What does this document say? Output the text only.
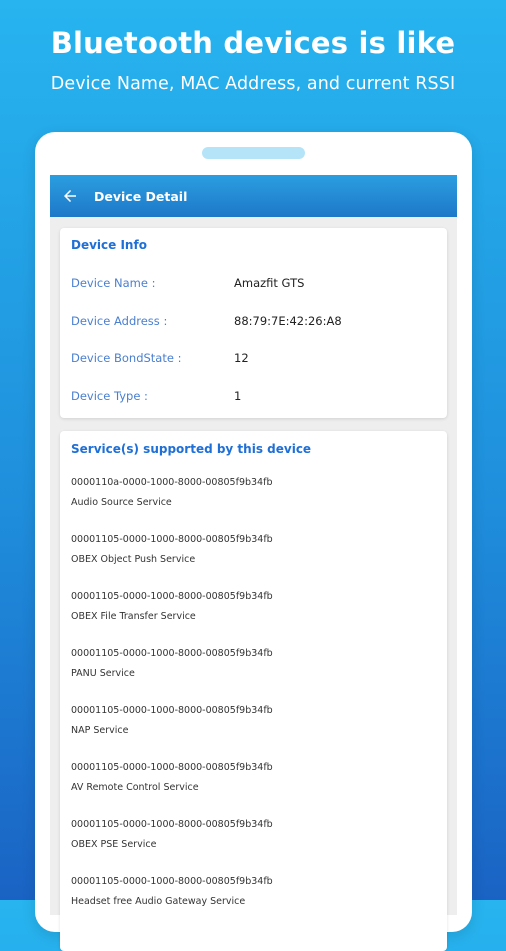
Bluetooth devices is like
Device Name, MAC Address, and current RSSI
Device Detail
Device Info
Device Name :	Amazfit GTS
Device Address :	88:79:7E:42:26:A8
Device BondState :	12
Device Type :	1
Service(s) supported by this device
0000110a-0000-1000-8000-00805f9b34fb
Audio Source Service
00001105-0000-1000-8000-00805f9b34fb
OBEX Object Push Service
00001105-0000-1000-8000-00805f9b34fb
OBEX File Transfer Service
00001105-0000-1000-8000-00805f9b34fb
PANU Service
00001105-0000-1000-8000-00805f9b34fb
NAP Service
00001105-0000-1000-8000-00805f9b34fb
AV Remote Control Service
00001105-0000-1000-8000-00805f9b34fb
OBEX PSE Service
00001105-0000-1000-8000-00805f9b34fb
Headset free Audio Gateway Service
